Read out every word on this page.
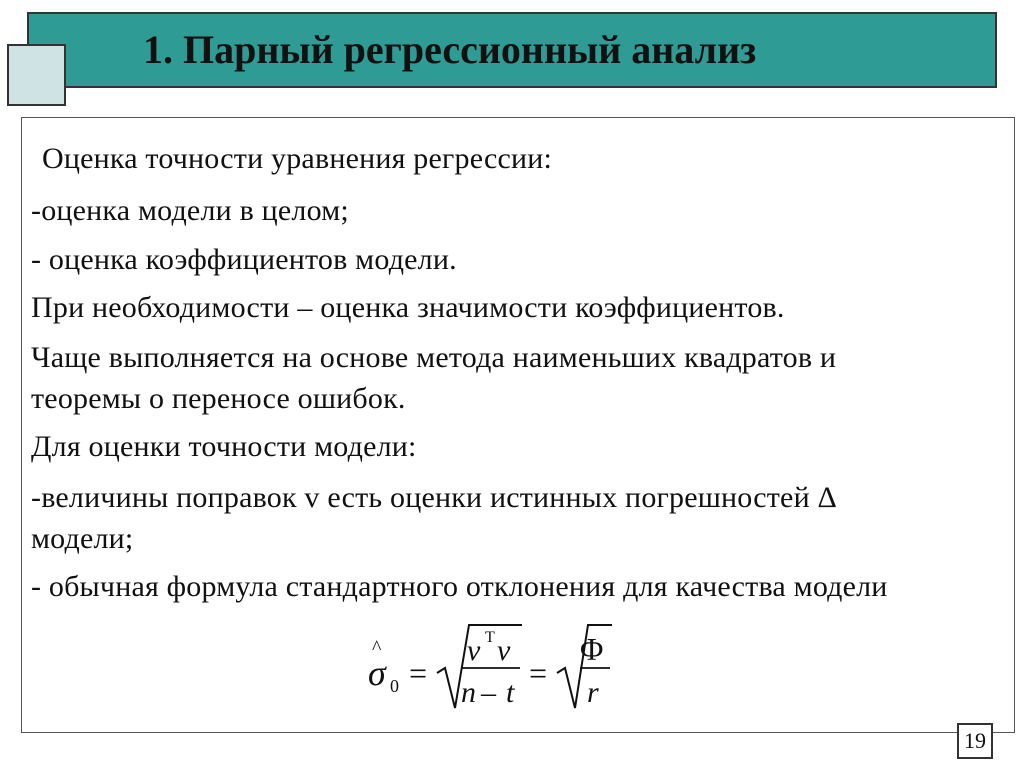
1. Парный регрессионный анализ
Оценка точности уравнения регрессии:
-оценка модели в целом;
- оценка коэффициентов модели.
При необходимости – оценка значимости коэффициентов.
Чаще выполняется на основе метода наименьших квадратов и
теоремы о переносе ошибок.
Для оценки точности модели:
-величины поправок v есть оценки истинных погрешностей Δ
модели;
- обычная формула стандартного отклонения для качества модели
^
σ 0 =
v T v
n – t
=
Φ
r
19
